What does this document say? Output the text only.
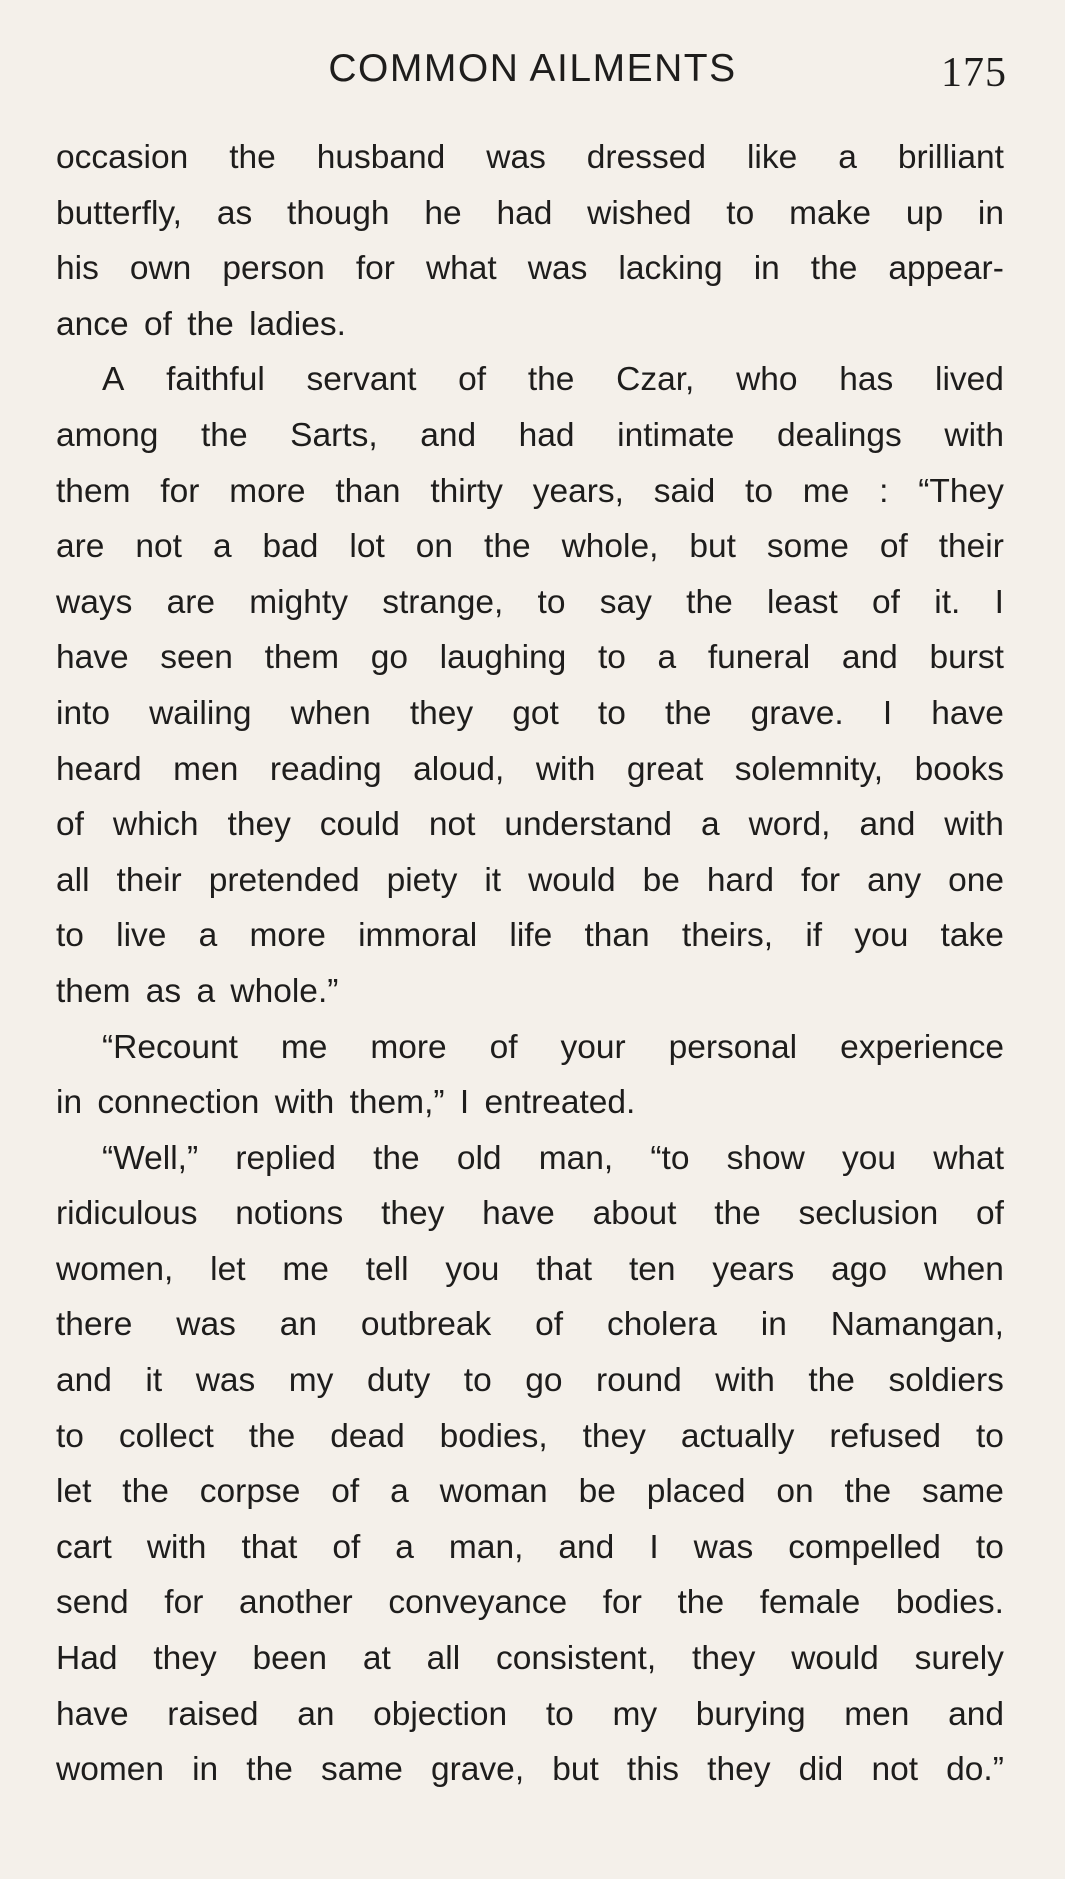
COMMON AILMENTS	175
occasion the husband was dressed like a brilliant
butterfly, as though he had wished to make up in
his own person for what was lacking in the appear-
ance of the ladies.
A faithful servant of the Czar, who has lived
among the Sarts, and had intimate dealings with
them for more than thirty years, said to me : “They
are not a bad lot on the whole, but some of their
ways are mighty strange, to say the least of it. I
have seen them go laughing to a funeral and burst
into wailing when they got to the grave. I have
heard men reading aloud, with great solemnity, books
of which they could not understand a word, and with
all their pretended piety it would be hard for any one
to live a more immoral life than theirs, if you take
them as a whole.”
“Recount me more of your personal experience
in connection with them,” I entreated.
“Well,” replied the old man, “to show you what
ridiculous notions they have about the seclusion of
women, let me tell you that ten years ago when
there was an outbreak of cholera in Namangan,
and it was my duty to go round with the soldiers
to collect the dead bodies, they actually refused to
let the corpse of a woman be placed on the same
cart with that of a man, and I was compelled to
send for another conveyance for the female bodies.
Had they been at all consistent, they would surely
have raised an objection to my burying men and
women in the same grave, but this they did not do.”
